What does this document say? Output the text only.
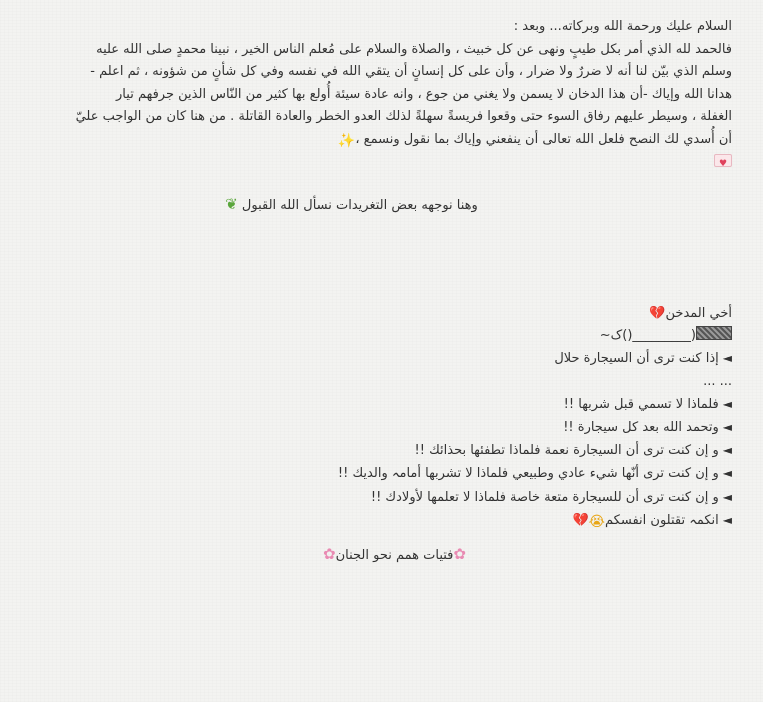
السلام عليك ورحمة الله وبركاته... وبعد :
فالحمد لله الذي أمر بكل طيبٍ ونهى عن كل خبيث ، والصلاة والسلام على مُعلم الناس الخير ، نبينا محمدٍ صلى الله عليه
وسلم الذي بيّن لنا أنه لا ضررٌ ولا ضرار ، وأن على كل إنسانٍ أن يتقي الله في نفسه وفي كل شأنٍ من شؤونه ، ثم اعلم -
هدانا الله وإياك -أن هذا الدخان لا يسمن ولا يغني من جوع ، وانه عادة سيئة أُولع بها كثير من النّاس الذين جرفهم تيار
الغفلة ، وسيطر عليهم رفاق السوء حتى وقعوا فريسةً سهلةً لذلك العدو الخطر والعادة القاتلة . من هنا كان من الواجب عليّ
أن أُسدي لك النصح فلعل الله تعالى أن ينفعني وإياك بما نقول ونسمع ،✨
♥
وهنا نوجهه بعض التغريدات نسأل الله القبول ❦
أخي المدخن💔
(_________()ک~
◄إذا كنت ترى أن السيجارة حلال
... ...
◄فلماذا لا تسمي قبل شربها !!
◄وتحمد الله بعد كل سيجارة !!
◄و إن كنت ترى أن السيجارة نعمة فلماذا تطفئها بحذائك !!
◄و إن كنت ترى أنّها شيء عادي وطبيعي فلماذا لا تشربها أمامہ والديك !!
◄و إن كنت ترى أن للسيجارة متعة خاصة فلماذا لا تعلمها لأولادك !!
◄انكمہ تقتلون انفسكم😭💔
✿فتيات همم نحو الجنان✿
